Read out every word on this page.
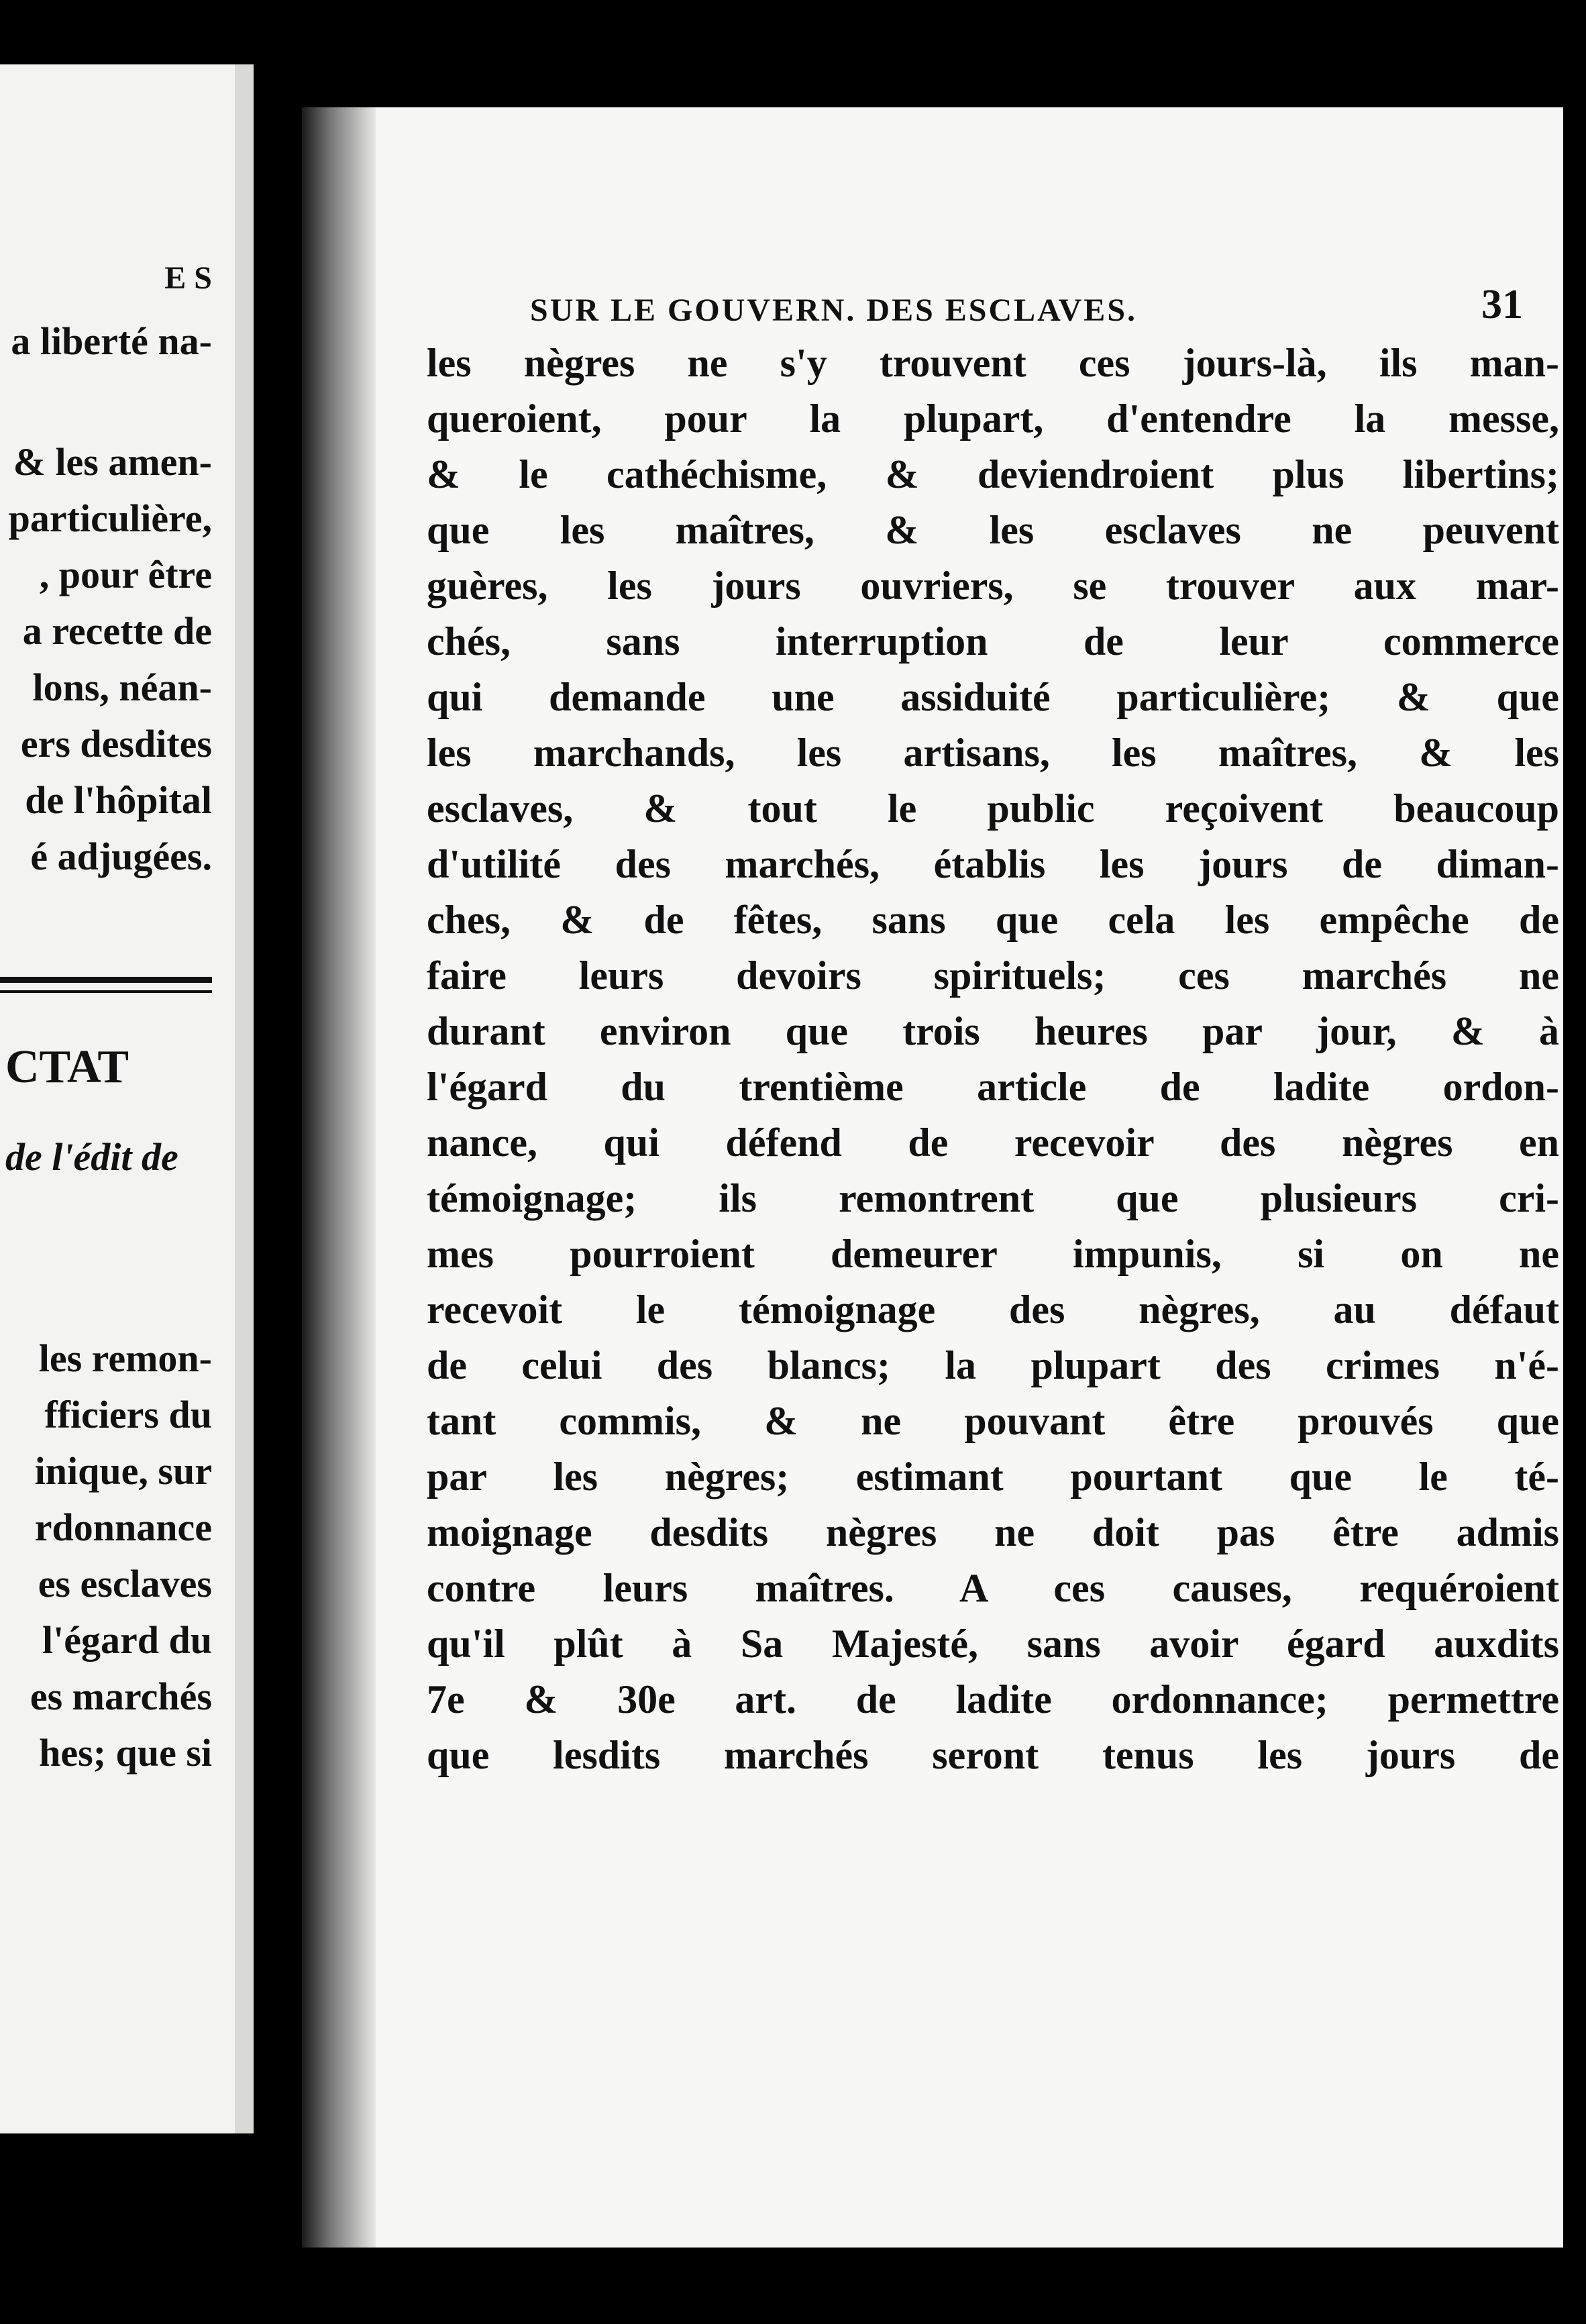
E S
a liberté na-
& les amen-
particulière,
, pour être
a recette de
lons, néan-
ers desdites
de l'hôpital
é adjugées.
CTAT
de l'édit de
les remon-
fficiers du
inique, sur
rdonnance
es esclaves
l'égard du
es marchés
hes; que si
SUR LE GOUVERN. DES ESCLAVES.	31
les nègres ne s'y trouvent ces jours-là, ils man-
queroient, pour la plupart, d'entendre la messe,
& le cathéchisme, & deviendroient plus libertins;
que les maîtres, & les esclaves ne peuvent
guères, les jours ouvriers, se trouver aux mar-
chés, sans interruption de leur commerce
qui demande une assiduité particulière; & que
les marchands, les artisans, les maîtres, & les
esclaves, & tout le public reçoivent beaucoup
d'utilité des marchés, établis les jours de diman-
ches, & de fêtes, sans que cela les empêche de
faire leurs devoirs spirituels; ces marchés ne
durant environ que trois heures par jour, & à
l'égard du trentième article de ladite ordon-
nance, qui défend de recevoir des nègres en
témoignage; ils remontrent que plusieurs cri-
mes pourroient demeurer impunis, si on ne
recevoit le témoignage des nègres, au défaut
de celui des blancs; la plupart des crimes n'é-
tant commis, & ne pouvant être prouvés que
par les nègres; estimant pourtant que le té-
moignage desdits nègres ne doit pas être admis
contre leurs maîtres. A ces causes, requéroient
qu'il plût à Sa Majesté, sans avoir égard auxdits
7e & 30e art. de ladite ordonnance; permettre
que lesdits marchés seront tenus les jours de
